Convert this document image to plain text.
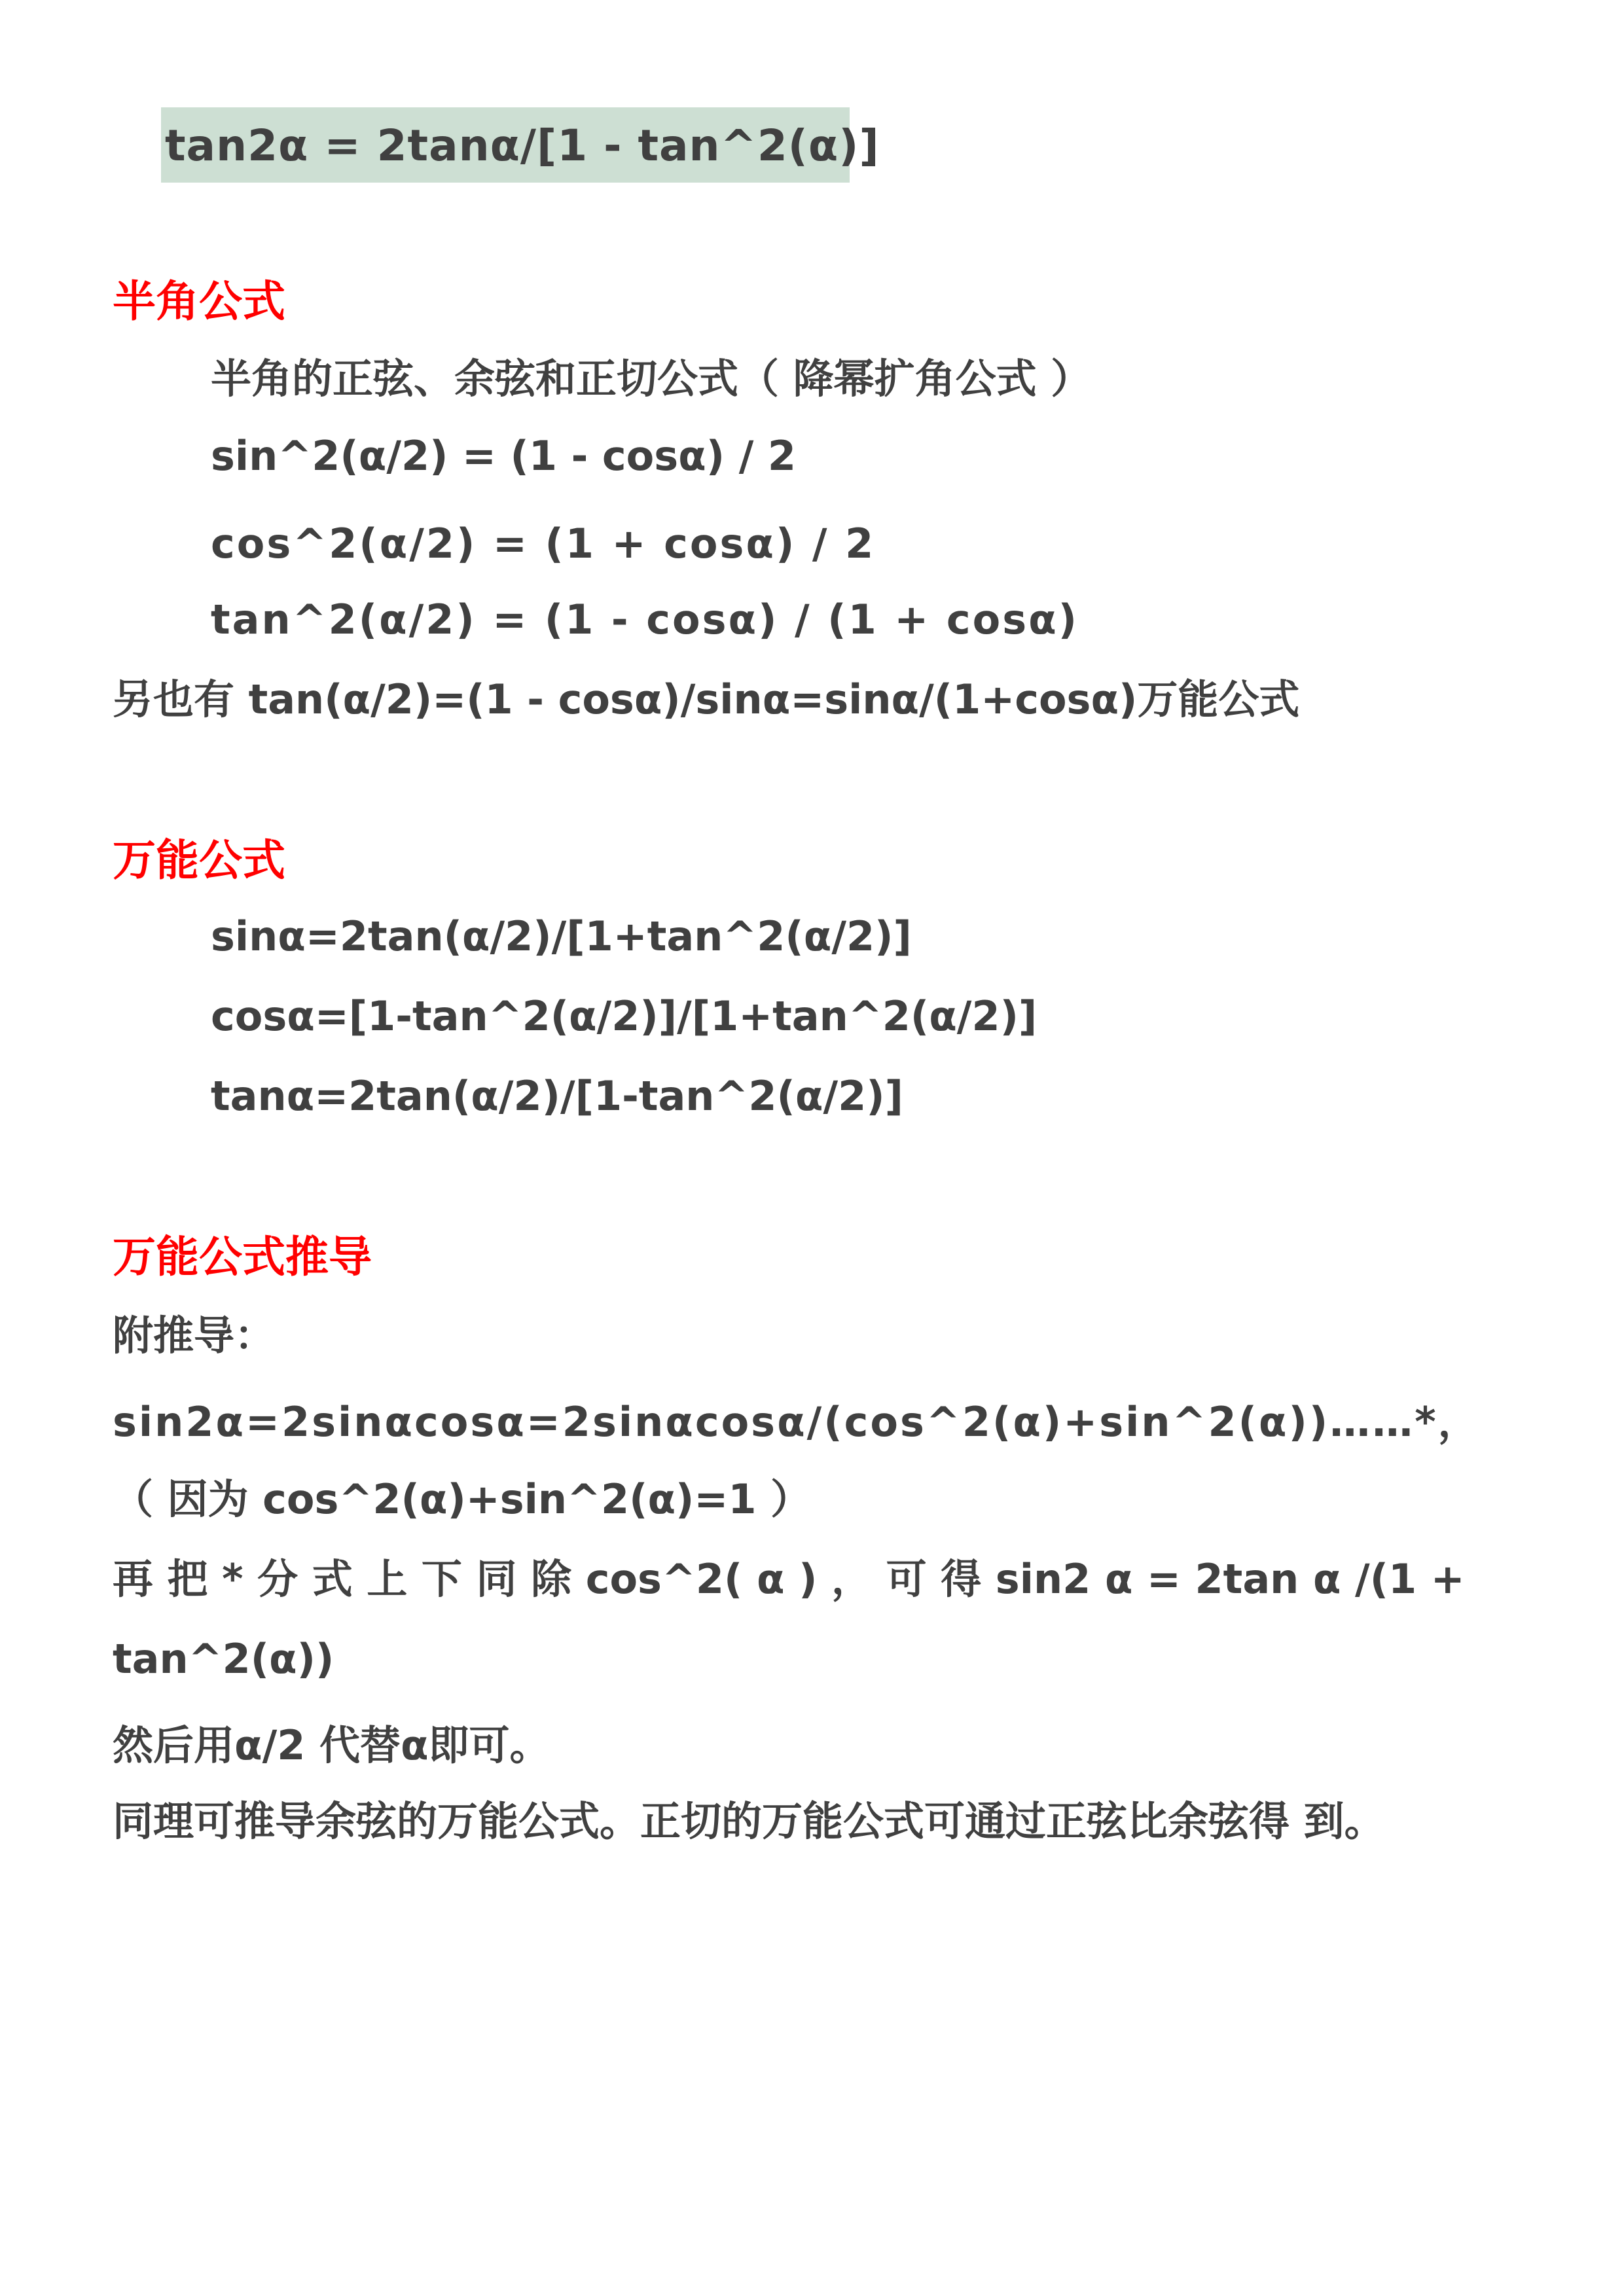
tan2α = 2tanα/[1 - tan^2(α)]
半角公式
半角的正弦、余弦和正切公式（ 降幂扩角公式 ）
sin^2(α/2) = (1 - cosα) / 2
cos^2(α/2) = (1 + cosα) / 2
tan^2(α/2) = (1 - cosα) / (1 + cosα)
另也有 tan(α/2)=(1 - cosα)/sinα=sinα/(1+cosα)万能公式
万能公式
sinα=2tan(α/2)/[1+tan^2(α/2)]
cosα=[1-tan^2(α/2)]/[1+tan^2(α/2)]
tanα=2tan(α/2)/[1-tan^2(α/2)]
万能公式推导
附推导：
sin2α=2sinαcosα=2sinαcosα/(cos^2(α)+sin^2(α))……*，
（ 因为 cos^2(α)+sin^2(α)=1 ）
再 把 * 分 式 上 下 同 除 cos^2( α ) ， 可 得 sin2 α = 2tan α /(1 +
tan^2(α))
然后用α/2 代替α即可。
同理可推导余弦的万能公式。正切的万能公式可通过正弦比余弦得 到。
